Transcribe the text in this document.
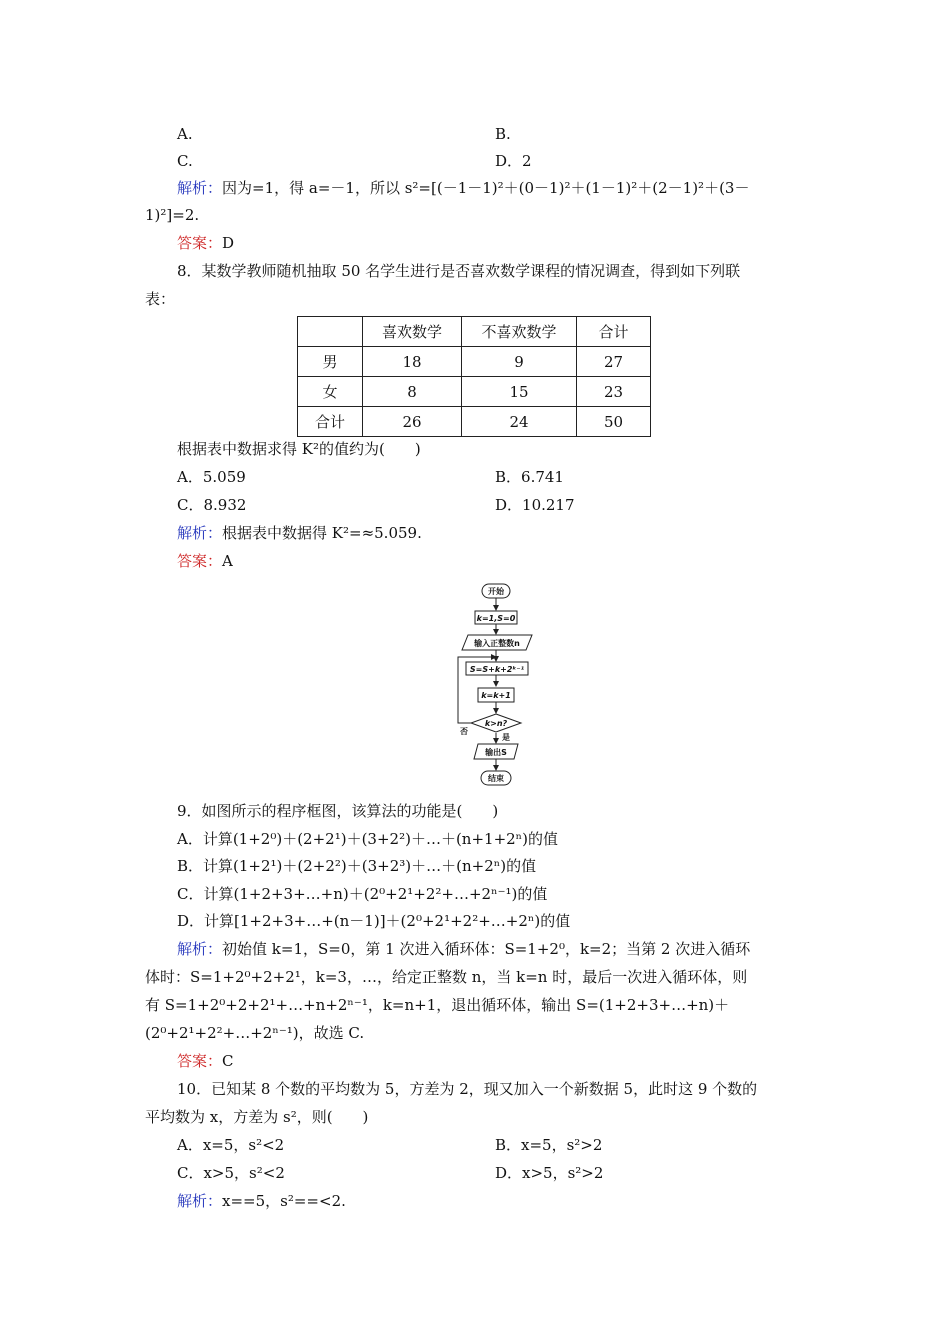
A.	B.
C.	D．2
解析：因为=1，得 a=－1，所以 s²=[(－1－1)²＋(0－1)²＋(1－1)²＋(2－1)²＋(3－
1)²]=2.
答案：D
8．某数学教师随机抽取 50 名学生进行是否喜欢数学课程的情况调查，得到如下列联
表：
	喜欢数学	不喜欢数学	合计
男	18	9	27
女	8	15	23
合计	26	24	50
根据表中数据求得 K²的值约为(　　)
A．5.059	B．6.741
C．8.932	D．10.217
解析：根据表中数据得 K²=≈5.059.
答案：A
开始
k=1,S=0
输入正整数n
S=S+k+2ᵏ⁻¹
k=k+1
k>n?
是
否
输出S
结束
9．如图所示的程序框图，该算法的功能是(　　)
A．计算(1+2⁰)＋(2+2¹)＋(3+2²)＋…＋(n+1+2ⁿ)的值
B．计算(1+2¹)＋(2+2²)＋(3+2³)＋…＋(n+2ⁿ)的值
C．计算(1+2+3+…+n)＋(2⁰+2¹+2²+…+2ⁿ⁻¹)的值
D．计算[1+2+3+…+(n－1)]＋(2⁰+2¹+2²+…+2ⁿ)的值
解析：初始值 k=1，S=0，第 1 次进入循环体：S=1+2⁰，k=2；当第 2 次进入循环
体时：S=1+2⁰+2+2¹，k=3，…，给定正整数 n，当 k=n 时，最后一次进入循环体，则
有 S=1+2⁰+2+2¹+…+n+2ⁿ⁻¹，k=n+1，退出循环体，输出 S=(1+2+3+…+n)＋
(2⁰+2¹+2²+…+2ⁿ⁻¹)，故选 C.
答案：C
10．已知某 8 个数的平均数为 5，方差为 2，现又加入一个新数据 5，此时这 9 个数的
平均数为 x，方差为 s²，则(　　)
A．x=5，s²<2	B．x=5，s²>2
C．x>5，s²<2	D．x>5，s²>2
解析：x==5，s²==<2.
